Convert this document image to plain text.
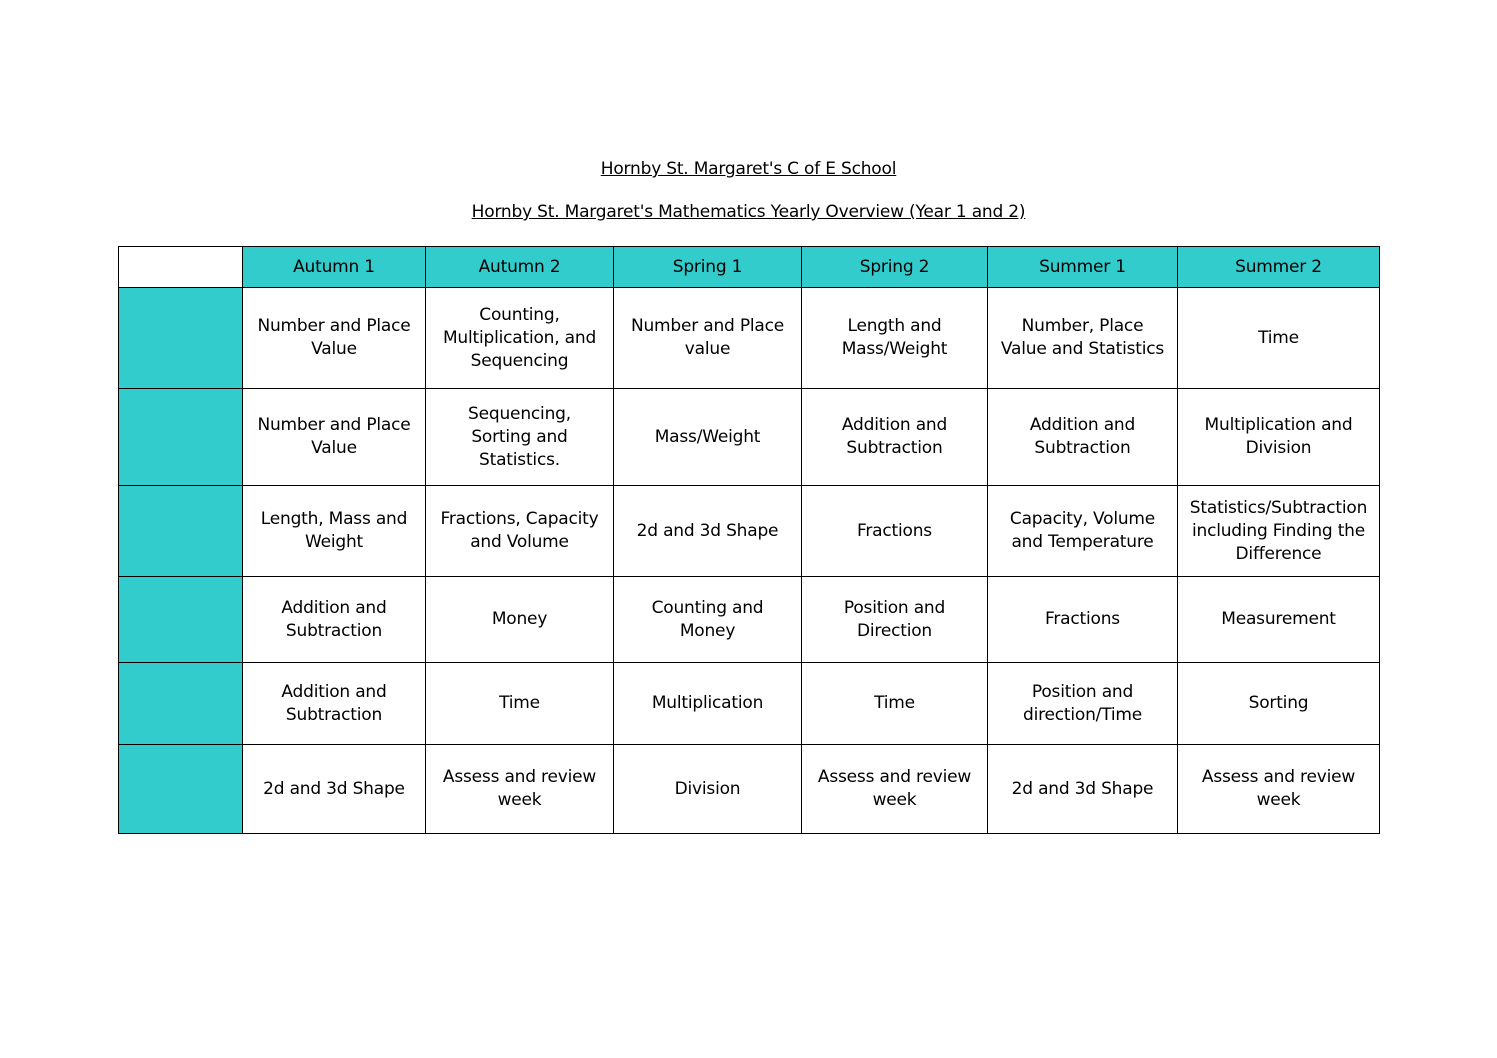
Hornby St. Margaret's C of E School
Hornby St. Margaret's Mathematics Yearly Overview (Year 1 and 2)
	Autumn 1	Autumn 2	Spring 1	Spring 2	Summer 1	Summer 2
	Number and Place Value	Counting, Multiplication, and Sequencing	Number and Place value	Length and Mass/Weight	Number, Place Value and Statistics	Time
	Number and Place Value	Sequencing, Sorting and Statistics.	Mass/Weight	Addition and Subtraction	Addition and Subtraction	Multiplication and Division
	Length, Mass and Weight	Fractions, Capacity and Volume	2d and 3d Shape	Fractions	Capacity, Volume and Temperature	Statistics/Subtraction including Finding the Difference
	Addition and Subtraction	Money	Counting and Money	Position and Direction	Fractions	Measurement
	Addition and Subtraction	Time	Multiplication	Time	Position and direction/Time	Sorting
	2d and 3d Shape	Assess and review week	Division	Assess and review week	2d and 3d Shape	Assess and review week
